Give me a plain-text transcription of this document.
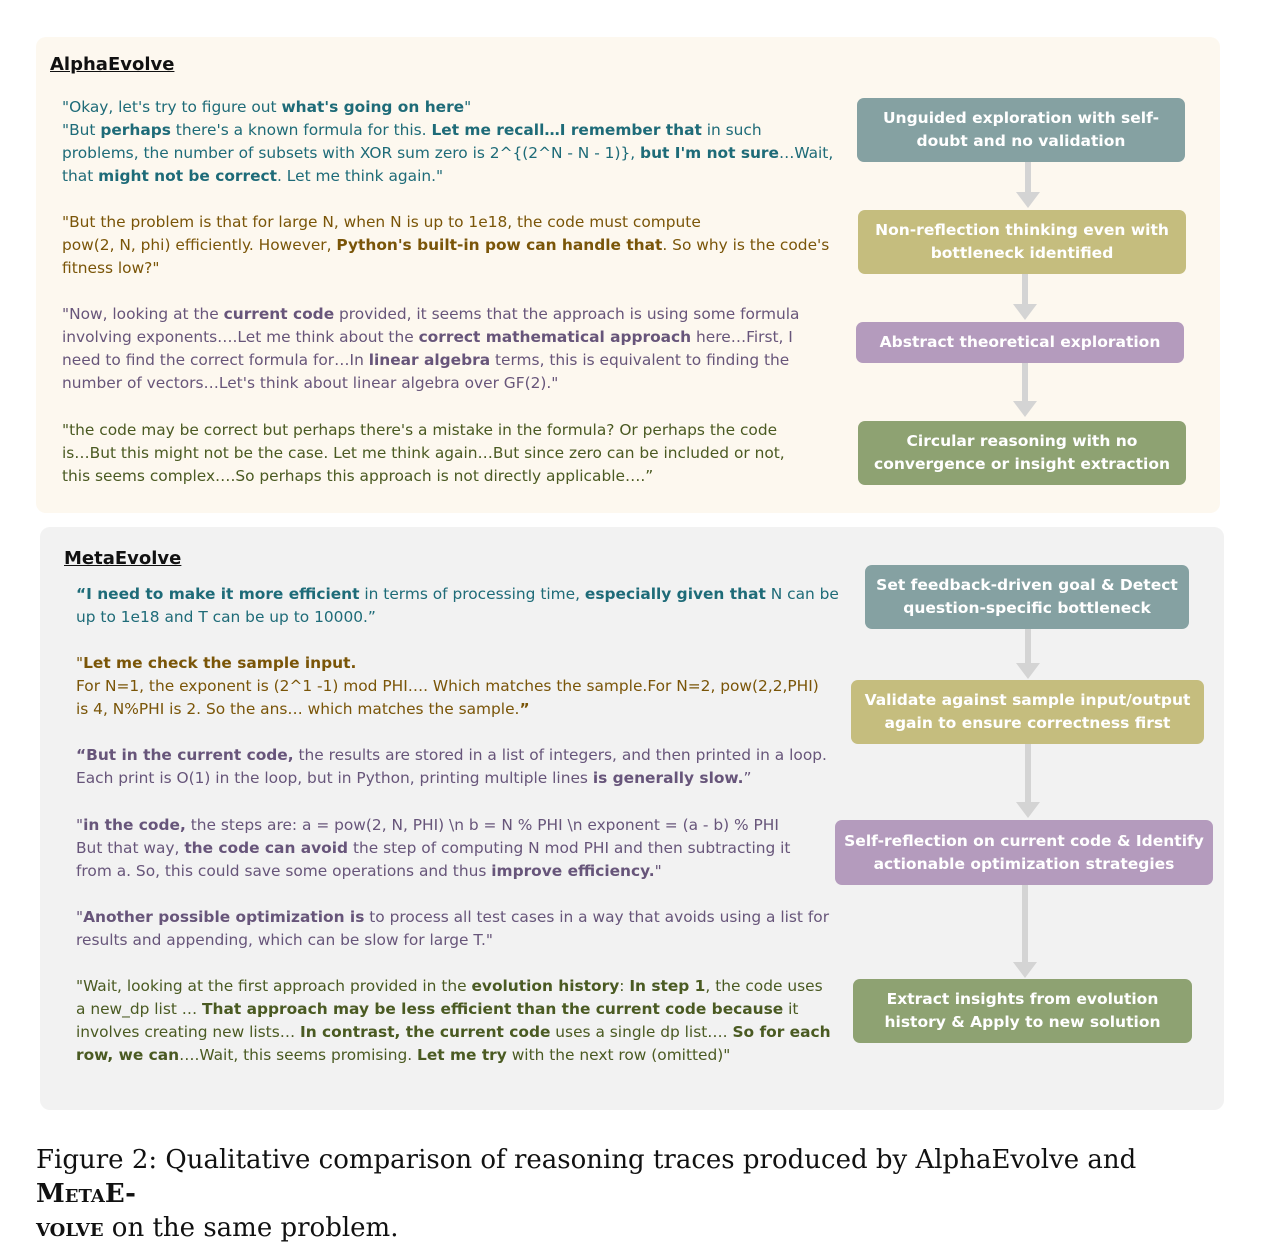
AlphaEvolve

"Okay, let's try to figure out what's going on here"
"But perhaps there's a known formula for this. Let me recall…I remember that in such
problems, the number of subsets with XOR sum zero is 2^{(2^N - N - 1)}, but I'm not sure…Wait,
that might not be correct. Let me think again."

"But the problem is that for large N, when N is up to 1e18, the code must compute
pow(2, N, phi) efficiently. However, Python's built-in pow can handle that. So why is the code's
fitness low?"

"Now, looking at the current code provided, it seems that the approach is using some formula
involving exponents….Let me think about the correct mathematical approach here…First, I
need to find the correct formula for…In linear algebra terms, this is equivalent to finding the
number of vectors…Let's think about linear algebra over GF(2)."

"the code may be correct but perhaps there's a mistake in the formula? Or perhaps the code
is…But this might not be the case. Let me think again…But since zero can be included or not,
this seems complex….So perhaps this approach is not directly applicable….”

Unguided exploration with self-
doubt and no validation
Non-reflection thinking even with
bottleneck identified
Abstract theoretical exploration
Circular reasoning with no
convergence or insight extraction
MetaEvolve

“I need to make it more efficient in terms of processing time, especially given that N can be
up to 1e18 and T can be up to 10000.”

"Let me check the sample input.
For N=1, the exponent is (2^1 -1) mod PHI…. Which matches the sample.For N=2, pow(2,2,PHI)
is 4, N%PHI is 2. So the ans… which matches the sample.”

“But in the current code, the results are stored in a list of integers, and then printed in a loop.
Each print is O(1) in the loop, but in Python, printing multiple lines is generally slow.”

"in the code, the steps are: a = pow(2, N, PHI) \n b = N % PHI \n exponent = (a - b) % PHI
But that way, the code can avoid the step of computing N mod PHI and then subtracting it
from a. So, this could save some operations and thus improve efficiency."

"Another possible optimization is to process all test cases in a way that avoids using a list for
results and appending, which can be slow for large T."

"Wait, looking at the first approach provided in the evolution history: In step 1, the code uses
a new_dp list … That approach may be less efficient than the current code because it
involves creating new lists… In contrast, the current code uses a single dp list…. So for each
row, we can….Wait, this seems promising. Let me try with the next row (omitted)"

Set feedback-driven goal & Detect
question-specific bottleneck
Validate against sample input/output
again to ensure correctness first
Self-reflection on current code & Identify
actionable optimization strategies
Extract insights from evolution
history & Apply to new solution

Figure 2: Qualitative comparison of reasoning traces produced by AlphaEvolve and MetaE-
volve on the same problem.
